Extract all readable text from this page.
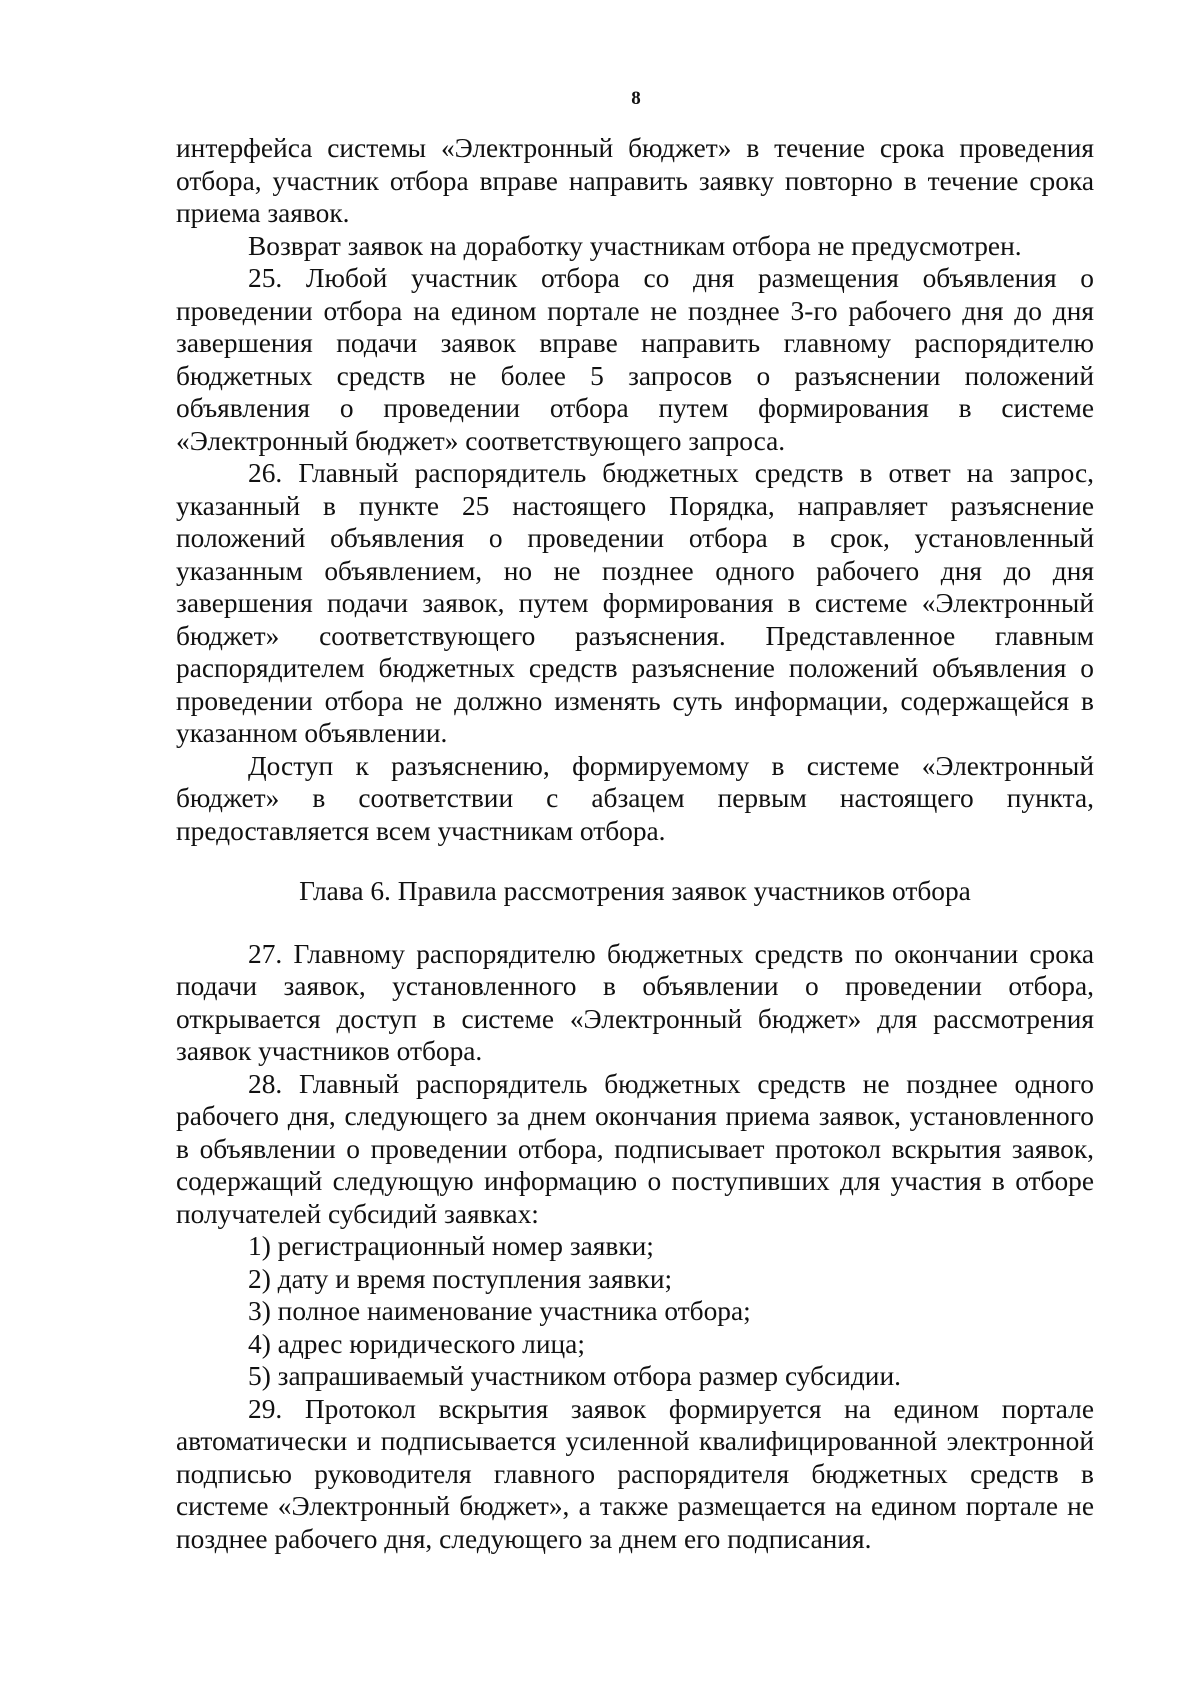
8

интерфейса системы «Электронный бюджет» в течение срока проведения отбора, участник отбора вправе направить заявку повторно в течение срока приема заявок.

Возврат заявок на доработку участникам отбора не предусмотрен.

25. Любой участник отбора со дня размещения объявления о проведении отбора на едином портале не позднее 3-го рабочего дня до дня завершения подачи заявок вправе направить главному распорядителю бюджетных средств не более 5 запросов о разъяснении положений объявления о проведении отбора путем формирования в системе «Электронный бюджет» соответствующего запроса.

26. Главный распорядитель бюджетных средств в ответ на запрос, указанный в пункте 25 настоящего Порядка, направляет разъяснение положений объявления о проведении отбора в срок, установленный указанным объявлением, но не позднее одного рабочего дня до дня завершения подачи заявок, путем формирования в системе «Электронный бюджет» соответствующего разъяснения. Представленное главным распорядителем бюджетных средств разъяснение положений объявления о проведении отбора не должно изменять суть информации, содержащейся в указанном объявлении.

Доступ к разъяснению, формируемому в системе «Электронный бюджет» в соответствии с абзацем первым настоящего пункта, предоставляется всем участникам отбора.

Глава 6. Правила рассмотрения заявок участников отбора

27. Главному распорядителю бюджетных средств по окончании срока подачи заявок, установленного в объявлении о проведении отбора, открывается доступ в системе «Электронный бюджет» для рассмотрения заявок участников отбора.

28. Главный распорядитель бюджетных средств не позднее одного рабочего дня, следующего за днем окончания приема заявок, установленного в объявлении о проведении отбора, подписывает протокол вскрытия заявок, содержащий следующую информацию о поступивших для участия в отборе получателей субсидий заявках:

1) регистрационный номер заявки;

2) дату и время поступления заявки;

3) полное наименование участника отбора;

4) адрес юридического лица;

5) запрашиваемый участником отбора размер субсидии.

29. Протокол вскрытия заявок формируется на едином портале автоматически и подписывается усиленной квалифицированной электронной подписью руководителя главного распорядителя бюджетных средств в системе «Электронный бюджет», а также размещается на едином портале не позднее рабочего дня, следующего за днем его подписания.
